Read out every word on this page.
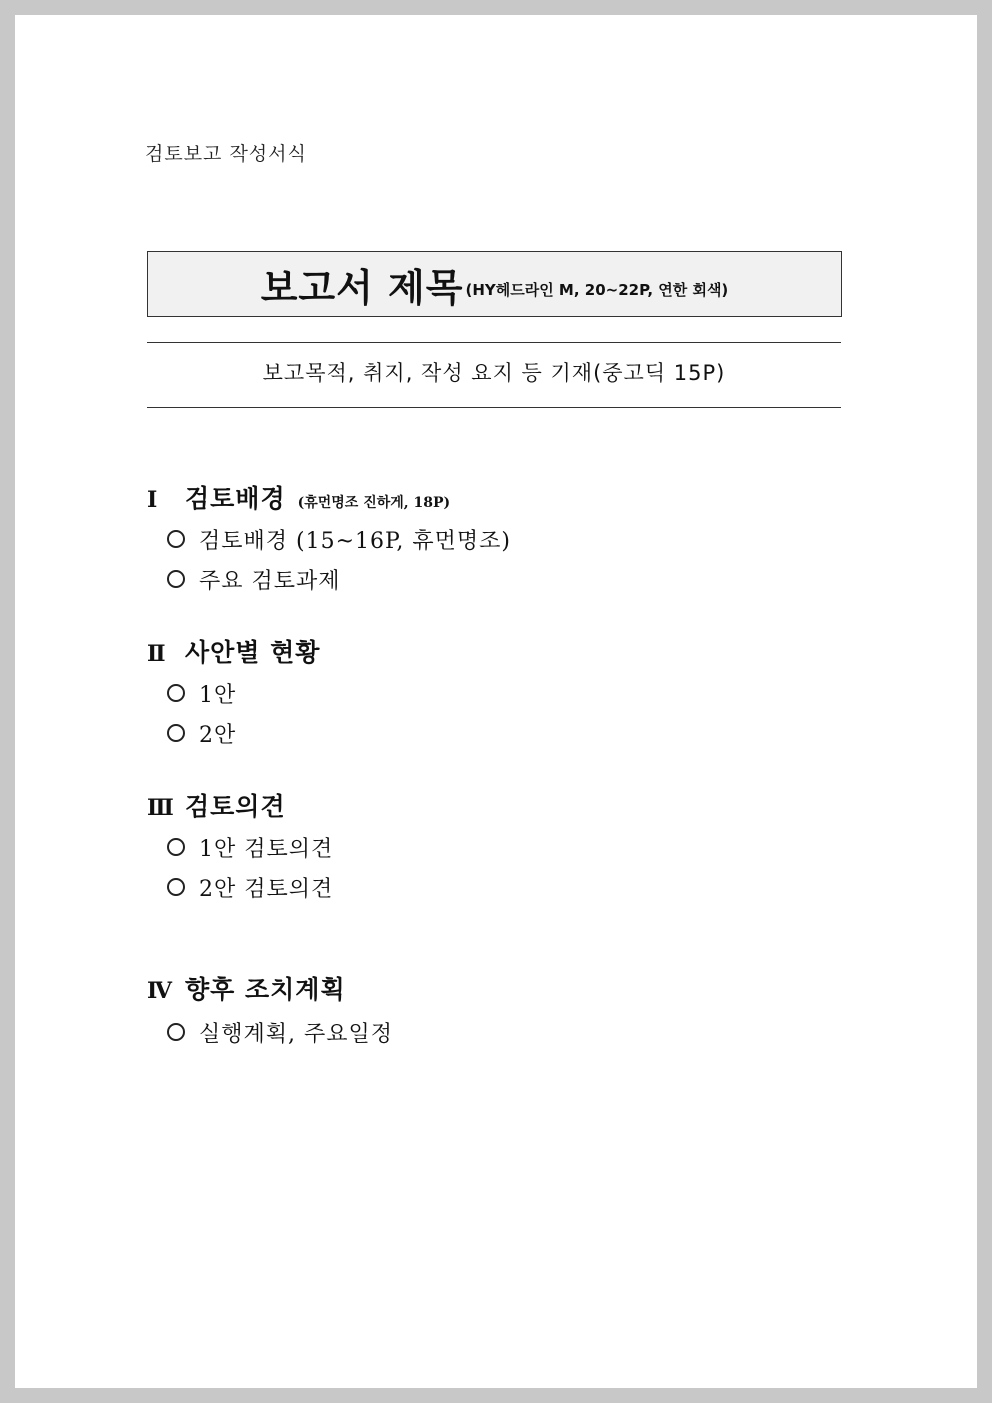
검토보고 작성서식
보고서 제목 (HY헤드라인 M, 20~22P, 연한 회색)
보고목적, 취지, 작성 요지 등 기재(중고딕 15P)
Ⅰ	검토배경 (휴먼명조 진하게, 18P)
검토배경 (15~16P, 휴먼명조)
주요 검토과제
Ⅱ 사안별 현황
1안
2안
Ⅲ 검토의견
1안 검토의견
2안 검토의견
Ⅳ 향후 조치계획
실행계획, 주요일정
